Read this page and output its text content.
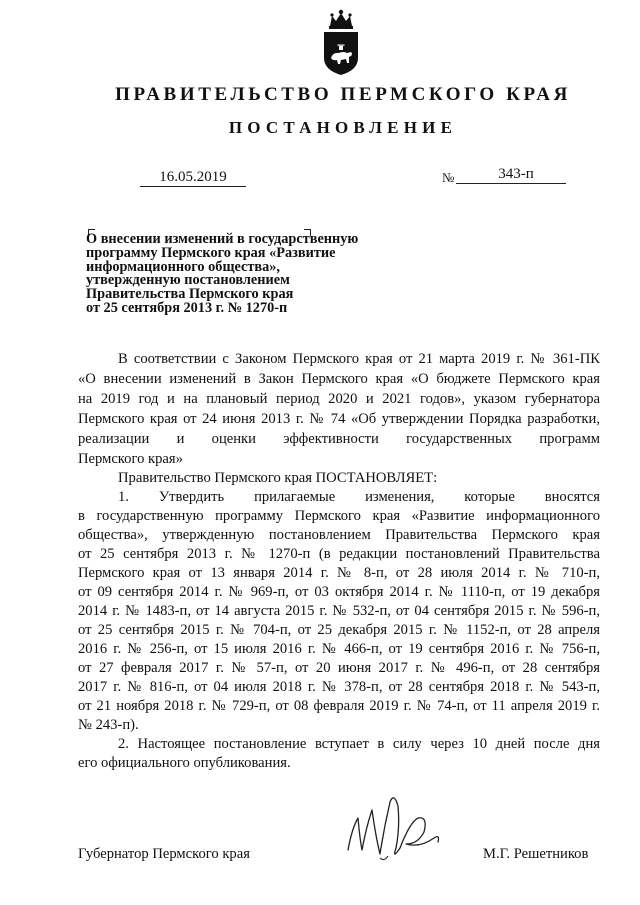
ПРАВИТЕЛЬСТВО ПЕРМСКОГО КРАЯ
ПОСТАНОВЛЕНИЕ
16.05.2019	№	343-п
О внесении изменений в государственную
программу Пермского края «Развитие
информационного общества»,
утвержденную постановлением
Правительства Пермского края
от 25 сентября 2013 г. № 1270-п
В соответствии с Законом Пермского края от 21 марта 2019 г. № 361-ПК
«О внесении изменений в Закон Пермского края «О бюджете Пермского края
на 2019 год и на плановый период 2020 и 2021 годов», указом губернатора
Пермского края от 24 июня 2013 г. № 74 «Об утверждении Порядка разработки,
реализации и оценки эффективности государственных программ
Пермского края»
Правительство Пермского края ПОСТАНОВЛЯЕТ:
1. Утвердить прилагаемые изменения, которые вносятся
в государственную программу Пермского края «Развитие информационного
общества», утвержденную постановлением Правительства Пермского края
от 25 сентября 2013 г. № 1270-п (в редакции постановлений Правительства
Пермского края от 13 января 2014 г. № 8-п, от 28 июля 2014 г. № 710-п,
от 09 сентября 2014 г. № 969-п, от 03 октября 2014 г. № 1110-п, от 19 декабря
2014 г. № 1483-п, от 14 августа 2015 г. № 532-п, от 04 сентября 2015 г. № 596-п,
от 25 сентября 2015 г. № 704-п, от 25 декабря 2015 г. № 1152-п, от 28 апреля
2016 г. № 256-п, от 15 июля 2016 г. № 466-п, от 19 сентября 2016 г. № 756-п,
от 27 февраля 2017 г. № 57-п, от 20 июня 2017 г. № 496-п, от 28 сентября
2017 г. № 816-п, от 04 июля 2018 г. № 378-п, от 28 сентября 2018 г. № 543-п,
от 21 ноября 2018 г. № 729-п, от 08 февраля 2019 г. № 74-п, от 11 апреля 2019 г.
№ 243-п).
2. Настоящее постановление вступает в силу через 10 дней после дня
его официального опубликования.
Губернатор Пермского края	М.Г. Решетников
